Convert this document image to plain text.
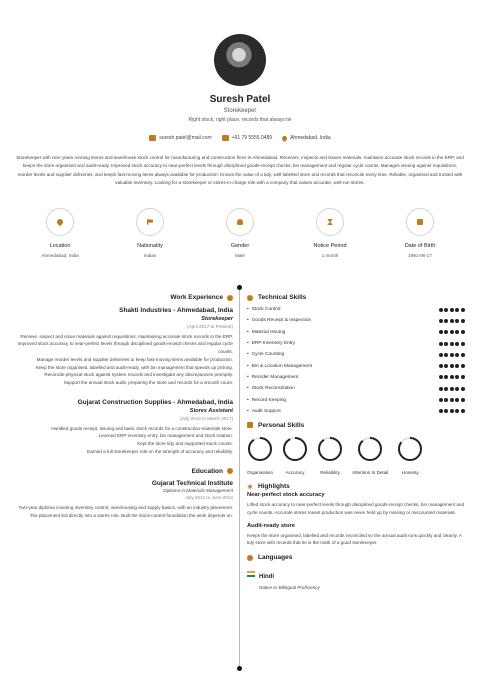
Suresh Patel
Storekeeper
Right stock, right place, records that always tie
suresh.patel@mail.com	+91 79 5555 0489	Ahmedabad, India
Storekeeper with nine years running stores and warehouse stock control for manufacturing and construction firms in Ahmedabad. Receives, inspects and issues materials, maintains accurate stock records in the ERP, and keeps the store organised and audit-ready. Improved stock accuracy to near-perfect levels through disciplined goods-receipt checks, bin management and regular cycle counts. Manages issuing against requisitions, reorder levels and supplier deliveries, and keeps fast-moving items always available for production. Knows the value of a tidy, well-labelled store and records that reconcile every time. Reliable, organised and trusted with valuable inventory. Looking for a storekeeper or stores-in-charge role with a company that values accurate, well-run stores.
Location
Ahmedabad, India
Nationality
Indian
Gender
Male
Notice Period
1 month
Date of Birth
1991-08-17
Work Experience
Shakti Industries - Ahmedabad, India
Storekeeper
(April 2017 to Present)
Receive, inspect and issue materials against requisitions, maintaining accurate stock records in the ERP.
Improved stock accuracy to near-perfect levels through disciplined goods-receipt checks and regular cycle counts.
Manage reorder levels and supplier deliveries to keep fast-moving items available for production.
Keep the store organised, labelled and audit-ready, with bin management that speeds up picking.
Reconcile physical stock against system records and investigate any discrepancies promptly.
Support the annual stock audit, preparing the store and records for a smooth count.
Gujarat Construction Supplies - Ahmedabad, India
Stores Assistant
(July 2014 to March 2017)
Handled goods receipt, issuing and basic stock records for a construction-materials store.
Learned ERP inventory entry, bin management and stock rotation.
Kept the store tidy and supported stock counts.
Earned a full storekeeper role on the strength of accuracy and reliability.
Education
Gujarat Technical Institute
Diploma in Materials Management
July 2012 to June 2014
Two-year diploma covering inventory control, warehousing and supply basics, with an industry placement. The placement led directly into a stores role. Built the stock-control foundation the work depends on.
Technical Skills
• Stock Control
• Goods Receipt & Inspection
• Material Issuing
• ERP Inventory Entry
• Cycle Counting
• Bin & Location Management
• Reorder Management
• Stock Reconciliation
• Record Keeping
• Audit Support
Personal Skills
Organisation	Accuracy	Reliability	Attention to Detail	Honesty
Highlights
Near-perfect stock accuracy
Lifted stock accuracy to near-perfect levels through disciplined goods-receipt checks, bin management and cycle counts. Accurate stores meant production was never held up by missing or miscounted materials.
Audit-ready store
Keeps the store organised, labelled and records reconciled so the annual audit runs quickly and cleanly. A tidy store with records that tie is the mark of a good storekeeper.
Languages
Hindi
Native or Bilingual Proficiency
